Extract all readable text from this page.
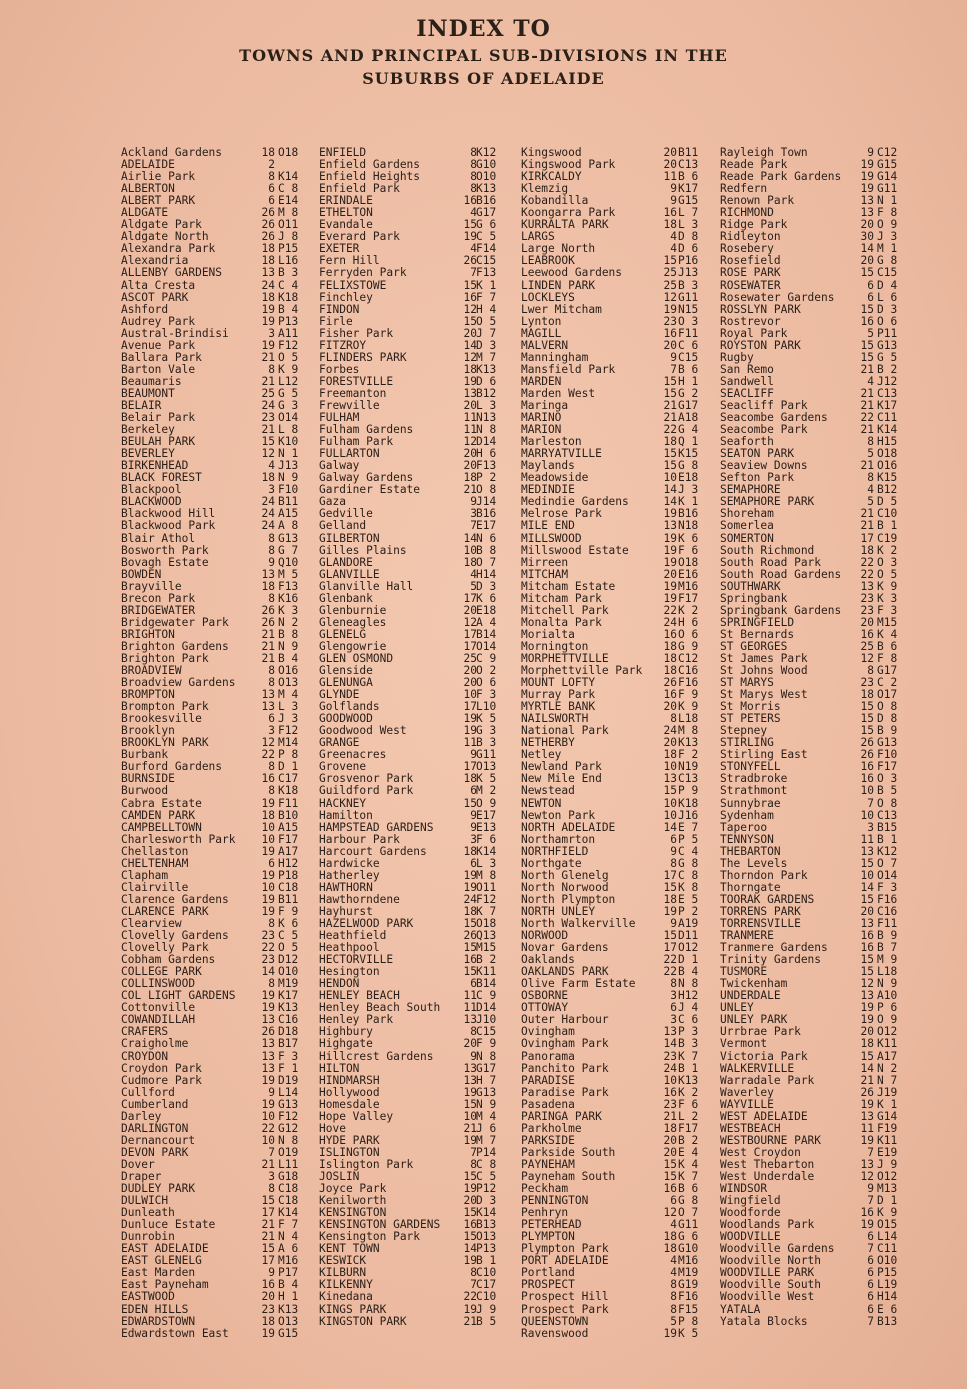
INDEX TO
TOWNS AND PRINCIPAL SUB-DIVISIONS IN THE
SUBURBS OF ADELAIDE
Ackland Gardens	18 O18
ADELAIDE	2
Airlie Park	8 K14
ALBERTON	6 C 8
ALBERT PARK	6 E14
ALDGATE	26 M 8
Aldgate Park	26 O11
Aldgate North	26 J 8
Alexandra Park	18 P15
Alexandria	18 L16
ALLENBY GARDENS	13 B 3
Alta Cresta	24 C 4
ASCOT PARK	18 K18
Ashford	19 B 4
Audrey Park	19 P13
Austral-Brindisi	3 A11
Avenue Park	19 F12
Ballara Park	21 O 5
Barton Vale	8 K 9
Beaumaris	21 L12
BEAUMONT	25 G 5
BELAIR	24 G 3
Belair Park	23 O14
Berkeley	21 L 8
BEULAH PARK	15 K10
BEVERLEY	12 N 1
BIRKENHEAD	4 J13
BLACK FOREST	18 N 9
Blackpool	3 F10
BLACKWOOD	24 B11
Blackwood Hill	24 A15
Blackwood Park	24 A 8
Blair Athol	8 G13
Bosworth Park	8 G 7
Bovagh Estate	9 Q10
BOWDEN	13 M 5
Brayville	18 F13
Brecon Park	8 K16
BRIDGEWATER	26 K 3
Bridgewater Park	26 N 2
BRIGHTON	21 B 8
Brighton Gardens	21 N 9
Brighton Park	21 B 4
BROADVIEW	8 O16
Broadview Gardens	8 O13
BROMPTON	13 M 4
Brompton Park	13 L 3
Brookesville	6 J 3
Brooklyn	3 F12
BROOKLYN PARK	12 M14
Burbank	22 P 8
Burford Gardens	8 D 1
BURNSIDE	16 C17
Burwood	8 K18
Cabra Estate	19 F11
CAMDEN PARK	18 B10
CAMPBELLTOWN	10 A15
Charlesworth Park 10 F17
Chellaston	19 A17
CHELTENHAM	6 H12
Clapham	19 P18
Clairville	10 C18
Clarence Gardens	19 B11
CLARENCE PARK	19 F 9
Clearview	8 K 6
Clovelly Gardens	23 C 5
Clovelly Park	22 O 5
Cobham Gardens	23 D12
COLLEGE PARK	14 O10
COLLINSWOOD	8 M19
COL LIGHT GARDENS 19 K17
Cottonville	19 K13
COWANDILLAH	13 C16
CRAFERS	26 D18
Craigholme	13 B17
CROYDON	13 F 3
Croydon Park	13 F 1
Cudmore Park	19 D19
Cullford	9 L14
Cumberland	19 G13
Darley	10 F12
DARLINGTON	22 G12
Dernancourt	10 N 8
DEVON PARK	7 O19
Dover	21 L11
Draper	3 G18
DUDLEY PARK	8 C18
DULWICH	15 C18
Dunleath	17 K14
Dunluce Estate	21 F 7
Dunrobin	21 N 4
EAST ADELAIDE	15 A 6
EAST GLENELG	17 M16
East Marden	9 P17
East Payneham	16 B 4
EASTWOOD	20 H 1
EDEN HILLS	23 K13
EDWARDSTOWN	18 O13
Edwardstown East	19 G15
ENFIELD	8 K12
Enfield Gardens	8 G10
Enfield Heights	8 O10
Enfield Park	8 K13
ERINDALE	16 B16
ETHELTON	4 G17
Evandale	15 G 6
Everard Park	19 C 5
EXETER	4 F14
Fern Hill	26 C15
Ferryden Park	7 F13
FELIXSTOWE	15 K 1
Finchley	16 F 7
FINDON	12 H 4
Firle	15 O 5
Fisher Park	20 J 7
FITZROY	14 D 3
FLINDERS PARK	12 M 7
Forbes	18 K13
FORESTVILLE	19 D 6
Freemanton	13 B12
Frewville	20 L 3
FULHAM	11 N13
Fulham Gardens	11 N 8
Fulham Park	12 D14
FULLARTON	20 H 6
Galway	20 F13
Galway Gardens	18 P 2
Gardiner Estate	21 O 8
Gaza	9 J14
Gedville	3 B16
Gelland	7 E17
GILBERTON	14 N 6
Gilles Plains	10 B 8
GLANDORE	18 O 7
GLANVILLE	4 H14
Glanville Hall	5 D 3
Glenbank	17 K 6
Glenburnie	20 E18
Gleneagles	12 A 4
GLENELG	17 B14
Glengowrie	17 O14
GLEN OSMOND	25 C 9
Glenside	20 O 2
GLENUNGA	20 O 6
GLYNDE	10 F 3
Golflands	17 L10
GOODWOOD	19 K 5
Goodwood West	19 G 3
GRANGE	11 B 3
Greenacres	9 G11
Grovene	17 O13
Grosvenor Park	18 K 5
Guildford Park	6 M 2
HACKNEY	15 O 9
Hamilton	9 E17
HAMPSTEAD GARDENS	9 E13
Harbour Park	3 F 6
Harcourt Gardens	18 K14
Hardwicke	6 L 3
Hatherley	19 M 8
HAWTHORN	19 O11
Hawthorndene	24 F12
Hayhurst	18 K 7
HAZELWOOD PARK	15 O18
Heathfield	26 Q13
Heathpool	15 M15
HECTORVILLE	16 B 2
Hesington	15 K11
HENDON	6 B14
HENLEY BEACH	11 C 9
Henley Beach South 11 D14
Henley Park	13 J10
Highbury	8 C15
Highgate	20 F 9
Hillcrest Gardens	9 N 8
HILTON	13 G17
HINDMARSH	13 H 7
Hollywood	19 G13
Homesdale	15 N 9
Hope Valley	10 M 4
Hove	21 J 6
HYDE PARK	19 M 7
ISLINGTON	7 P14
Islington Park	8 C 8
JOSLIN	15 C 5
Joyce Park	19 P12
Kenilworth	20 D 3
KENSINGTON	15 K14
KENSINGTON GARDENS 16 B13
Kensington Park	15 O13
KENT TOWN	14 P13
KESWICK	19 B 1
KILBURN	8 C10
KILKENNY	7 C17
Kinedana	22 C10
KINGS PARK	19 J 9
KINGSTON PARK	21 B 5
Kingswood	20 B11
Kingswood Park	20 C13
KIRKCALDY	11 B 6
Klemzig	9 K17
Kobandilla	9 G15
Koongarra Park	16 L 7
KURRALTA PARK	18 L 3
LARGS	4 D 8
Large North	4 D 6
LEABROOK	15 P16
Leewood Gardens	25 J13
LINDEN PARK	25 B 3
LOCKLEYS	12 G11
Lwer Mitcham	19 N15
Lynton	23 O 3
MAGILL	16 F11
MALVERN	20 C 6
Manningham	9 C15
Mansfield Park	7 B 6
MARDEN	15 H 1
Marden West	15 G 2
Maringa	21 G17
MARINO	21 A18
MARION	22 G 4
Marleston	18 Q 1
MARRYATVILLE	15 K15
Maylands	15 G 8
Meadowside	10 E18
MEDINDIE	14 J 3
Medindie Gardens	14 K 1
Melrose Park	19 B16
MILE END	13 N18
MILLSWOOD	19 K 6
Millswood Estate	19 F 6
Mirreen	19 O18
MITCHAM	20 E16
Mitcham Estate	19 M16
Mitcham Park	19 F17
Mitchell Park	22 K 2
Monalta Park	24 H 6
Morialta	16 O 6
Mornington	18 G 9
MORPHETTVILLE	18 C12
Morphettville Park 18 C16
MOUNT LOFTY	26 F16
Murray Park	16 F 9
MYRTLE BANK	20 K 9
NAILSWORTH	8 L18
National Park	24 M 8
NETHERBY	20 K13
Netley	18 F 2
Newland Park	10 N19
New Mile End	13 C13
Newstead	15 P 9
NEWTON	10 K18
Newton Park	10 J16
NORTH ADELAIDE	14 E 7
Northamrton	6 P 5
NORTHFIELD	9 C 4
Northgate	8 G 8
North Glenelg	17 C 8
North Norwood	15 K 8
North Plympton	18 E 5
NORTH UNLEY	19 P 2
North Walkerville	9 A19
NORWOOD	15 D11
Novar Gardens	17 O12
Oaklands	22 D 1
OAKLANDS PARK	22 B 4
Olive Farm Estate	8 N 8
OSBORNE	3 H12
OTTOWAY	6 J 4
Outer Harbour	3 C 6
Ovingham	13 P 3
Ovingham Park	14 B 3
Panorama	23 K 7
Panchito Park	24 B 1
PARADISE	10 K13
Paradise Park	16 K 2
Pasadena	23 F 6
PARINGA PARK	21 L 2
Parkholme	18 F17
PARKSIDE	20 B 2
Parkside South	20 E 4
PAYNEHAM	15 K 4
Payneham South	15 K 7
Peckham	16 B 6
PENNINGTON	6 G 8
Penhryn	12 O 7
PETERHEAD	4 G11
PLYMPTON	18 G 6
Plympton Park	18 G10
PORT ADELAIDE	4 M16
Portland	4 M19
PROSPECT	8 G19
Prospect Hill	8 F16
Prospect Park	8 F15
QUEENSTOWN	5 P 8
Ravenswood	19 K 5
Rayleigh Town	9 C12
Reade Park	19 G15
Reade Park Gardens 19 G14
Redfern	19 G11
Renown Park	13 N 1
RICHMOND	13 F 8
Ridge Park	20 O 9
Ridleyton	30 J 3
Rosebery	14 M 1
Rosefield	20 G 8
ROSE PARK	15 C15
ROSEWATER	6 D 4
Rosewater Gardens	6 L 6
ROSSLYN PARK	15 D 3
Rostrevor	16 O 6
Royal Park	5 P11
ROYSTON PARK	15 G13
Rugby	15 G 5
San Remo	21 B 2
Sandwell	4 J12
SEACLIFF	21 C13
Seacliff Park	21 K17
Seacombe Gardens	22 C11
Seacombe Park	21 K14
Seaforth	8 H15
SEATON PARK	5 O18
Seaview Downs	21 O16
Sefton Park	8 K15
SEMAPHORE	4 B12
SEMAPHORE PARK	5 D 5
Shoreham	21 C10
Somerlea	21 B 1
SOMERTON	17 C19
South Richmond	18 K 2
South Road Park	22 O 3
South Road Gardens 22 O 5
SOUTHWARK	13 K 9
Springbank	23 K 3
Springbank Gardens 23 F 3
SPRINGFIELD	20 M15
St Bernards	16 K 4
ST GEORGES	25 B 6
St James Park	12 F 8
St Johns Wood	8 G17
ST MARYS	23 C 2
St Marys West	18 O17
St Morris	15 O 8
ST PETERS	15 D 8
Stepney	15 B 9
STIRLING	26 G13
Stirling East	26 F10
STONYFELL	16 F17
Stradbroke	16 O 3
Strathmont	10 B 5
Sunnybrae	7 O 8
Sydenham	10 C13
Taperoo	3 B15
TENNYSON	11 B 1
THEBARTON	13 K12
The Levels	15 O 7
Thorndon Park	10 O14
Thorngate	14 F 3
TOORAK GARDENS	15 F16
TORRENS PARK	20 C16
TORRENSVILLE	13 F11
TRANMERE	16 B 9
Tranmere Gardens	16 B 7
Trinity Gardens	15 M 9
TUSMORE	15 L18
Twickenham	12 N 9
UNDERDALE	13 A10
UNLEY	19 P 6
UNLEY PARK	19 O 9
Urrbrae Park	20 O12
Vermont	18 K11
Victoria Park	15 A17
WALKERVILLE	14 N 2
Warradale Park	21 N 7
Waverley	26 J19
WAYVILLE	19 K 1
WEST ADELAIDE	13 G14
WESTBEACH	11 F19
WESTBOURNE PARK	19 K11
West Croydon	7 E19
West Thebarton	13 J 9
West Underdale	12 O12
WINDSOR	9 M13
Wingfield	7 D 1
Woodforde	16 K 9
Woodlands Park	19 O15
WOODVILLE	6 L14
Woodville Gardens	7 C11
Woodville North	6 O10
WOODVILLE PARK	6 P15
Woodville South	6 L19
Woodville West	6 H14
YATALA	6 E 6
Yatala Blocks	7 B13
